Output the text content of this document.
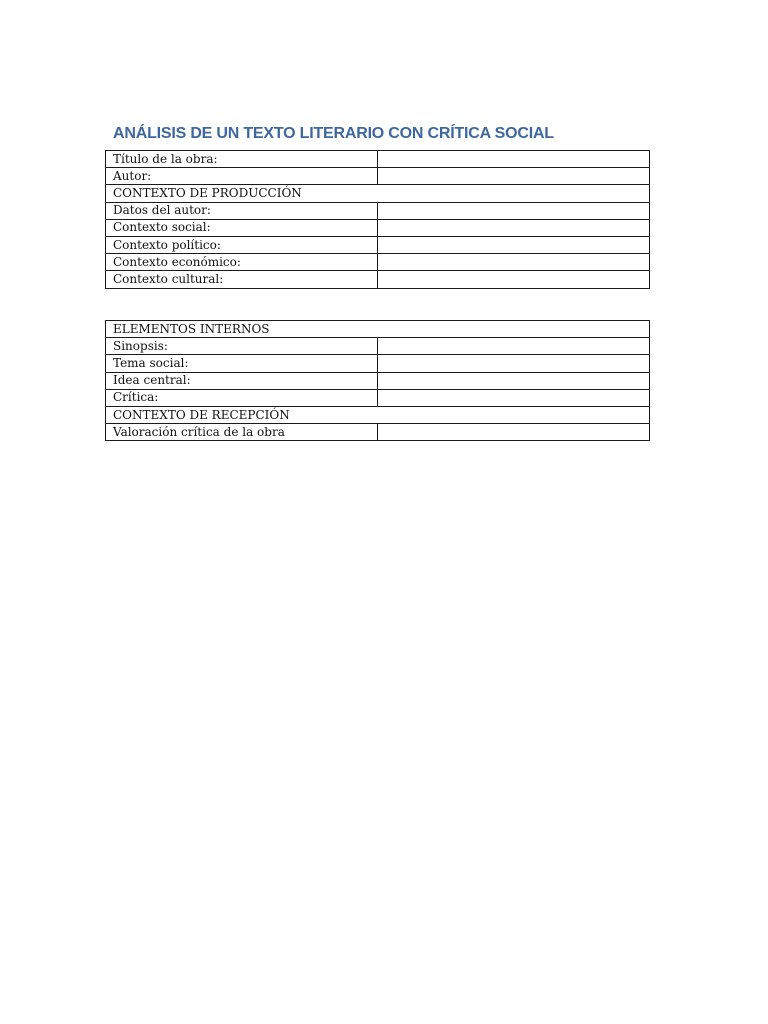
ANÁLISIS DE UN TEXTO LITERARIO CON CRÍTICA SOCIAL
Título de la obra:	
Autor:	
CONTEXTO DE PRODUCCIÓN	
Datos del autor:	
Contexto social:	
Contexto político:	
Contexto económico:	
Contexto cultural:	
ELEMENTOS INTERNOS	
Sinopsis:	
Tema social:	
Idea central:	
Crítica:	
CONTEXTO DE RECEPCIÓN	
Valoración crítica de la obra	
